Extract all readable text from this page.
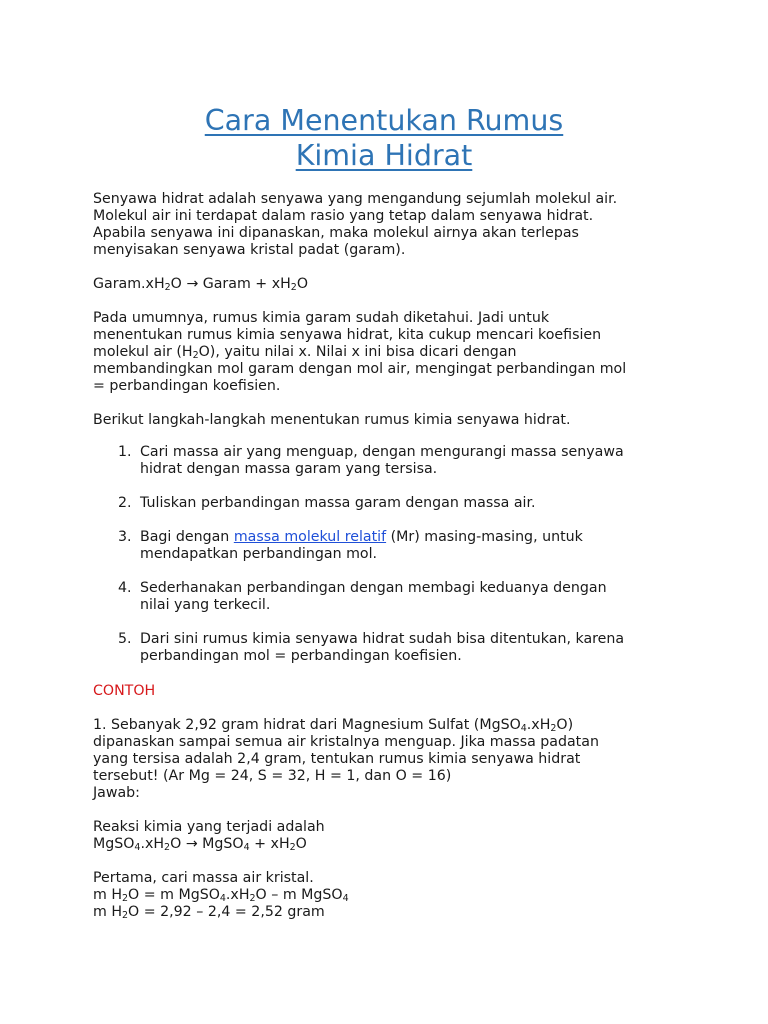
Cara Menentukan Rumus
Kimia Hidrat

Senyawa hidrat adalah senyawa yang mengandung sejumlah molekul air.
Molekul air ini terdapat dalam rasio yang tetap dalam senyawa hidrat.
Apabila senyawa ini dipanaskan, maka molekul airnya akan terlepas
menyisakan senyawa kristal padat (garam).

$Garam.xH_2O$ → Garam + $xH_2O$

Pada umumnya, rumus kimia garam sudah diketahui. Jadi untuk
menentukan rumus kimia senyawa hidrat, kita cukup mencari koefisien
molekul air $(H_2O)$, yaitu nilai x. Nilai x ini bisa dicari dengan
membandingkan mol garam dengan mol air, mengingat perbandingan mol
= perbandingan koefisien.

Berikut langkah-langkah menentukan rumus kimia senyawa hidrat.

1. Cari massa air yang menguap, dengan mengurangi massa senyawa
hidrat dengan massa garam yang tersisa.
2. Tuliskan perbandingan massa garam dengan massa air.
3. Bagi dengan massa molekul relatif (Mr) masing-masing, untuk
mendapatkan perbandingan mol.
4. Sederhanakan perbandingan dengan membagi keduanya dengan
nilai yang terkecil.
5. Dari sini rumus kimia senyawa hidrat sudah bisa ditentukan, karena
perbandingan mol = perbandingan koefisien.

CONTOH

1. Sebanyak 2,92 gram hidrat dari Magnesium Sulfat $(MgSO_4.xH_2O)$
dipanaskan sampai semua air kristalnya menguap. Jika massa padatan
yang tersisa adalah 2,4 gram, tentukan rumus kimia senyawa hidrat
tersebut! (Ar Mg = 24, S = 32, H = 1, dan O = 16)
Jawab:

Reaksi kimia yang terjadi adalah
$MgSO_4.xH_2O$ → MgSO$_4$ + $xH_2O$

Pertama, cari massa air kristal.
m $H_2O = m$ $MgSO_4.xH_2O$ – m MgSO$_4$
m $H_2O = 2,92 - 2,4 = 2,52$ gram
